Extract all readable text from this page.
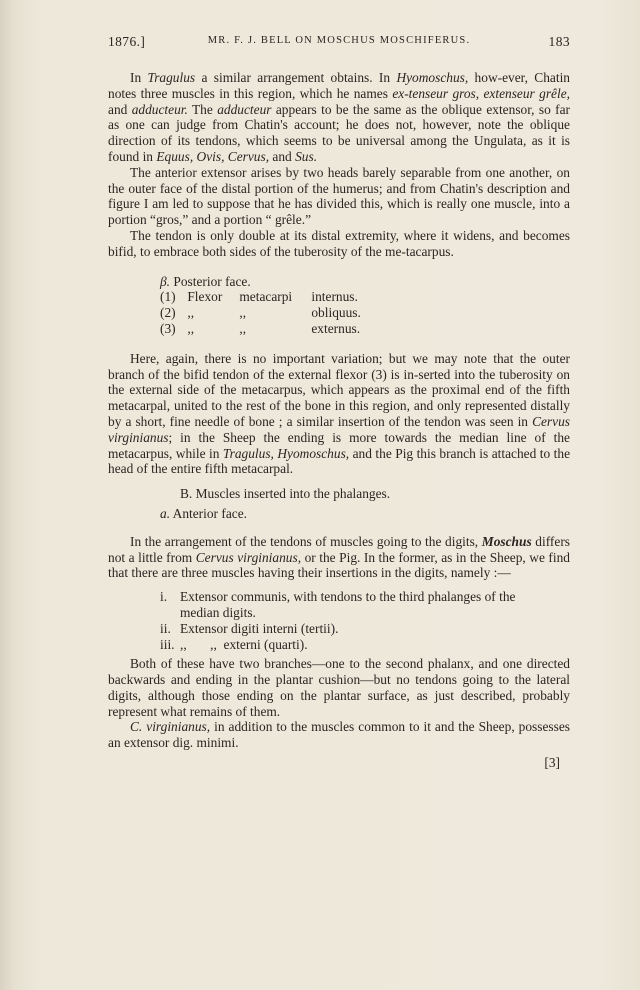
1876.]	MR. F. J. BELL ON MOSCHUS MOSCHIFERUS.	183

In Tragulus a similar arrangement obtains. In Hyomoschus, how-ever, Chatin notes three muscles in this region, which he names ex-tenseur gros, extenseur grêle, and adducteur. The adducteur appears to be the same as the oblique extensor, so far as one can judge from Chatin's account; he does not, however, note the oblique direction of its tendons, which seems to be universal among the Ungulata, as it is found in Equus, Ovis, Cervus, and Sus.

The anterior extensor arises by two heads barely separable from one another, on the outer face of the distal portion of the humerus; and from Chatin's description and figure I am led to suppose that he has divided this, which is really one muscle, into a portion “gros,” and a portion “ grêle.”

The tendon is only double at its distal extremity, where it widens, and becomes bifid, to embrace both sides of the tuberosity of the me-tacarpus.

β. Posterior face.
(1) Flexor metacarpi internus.
(2) ,,	,,	obliquus.
(3) ,,	,,	externus.

Here, again, there is no important variation; but we may note that the outer branch of the bifid tendon of the external flexor (3) is in-serted into the tuberosity on the external side of the metacarpus, which appears as the proximal end of the fifth metacarpal, united to the rest of the bone in this region, and only represented distally by a short, fine needle of bone ; a similar insertion of the tendon was seen in Cervus virginianus; in the Sheep the ending is more towards the median line of the metacarpus, while in Tragulus, Hyomoschus, and the Pig this branch is attached to the head of the entire fifth metacarpal.

B. Muscles inserted into the phalanges.
a. Anterior face.

In the arrangement of the tendons of muscles going to the digits, Moschus differs not a little from Cervus virginianus, or the Pig. In the former, as in the Sheep, we find that there are three muscles having their insertions in the digits, namely :—

i. Extensor communis, with tendons to the third phalanges of the
median digits.
ii. Extensor digiti interni (tertii).
iii. ,,       ,,  externi (quarti).

Both of these have two branches—one to the second phalanx, and one directed backwards and ending in the plantar cushion—but no tendons going to the lateral digits, although those ending on the plantar surface, as just described, probably represent what remains of them.

C. virginianus, in addition to the muscles common to it and the Sheep, possesses an extensor dig. minimi.

[3]
